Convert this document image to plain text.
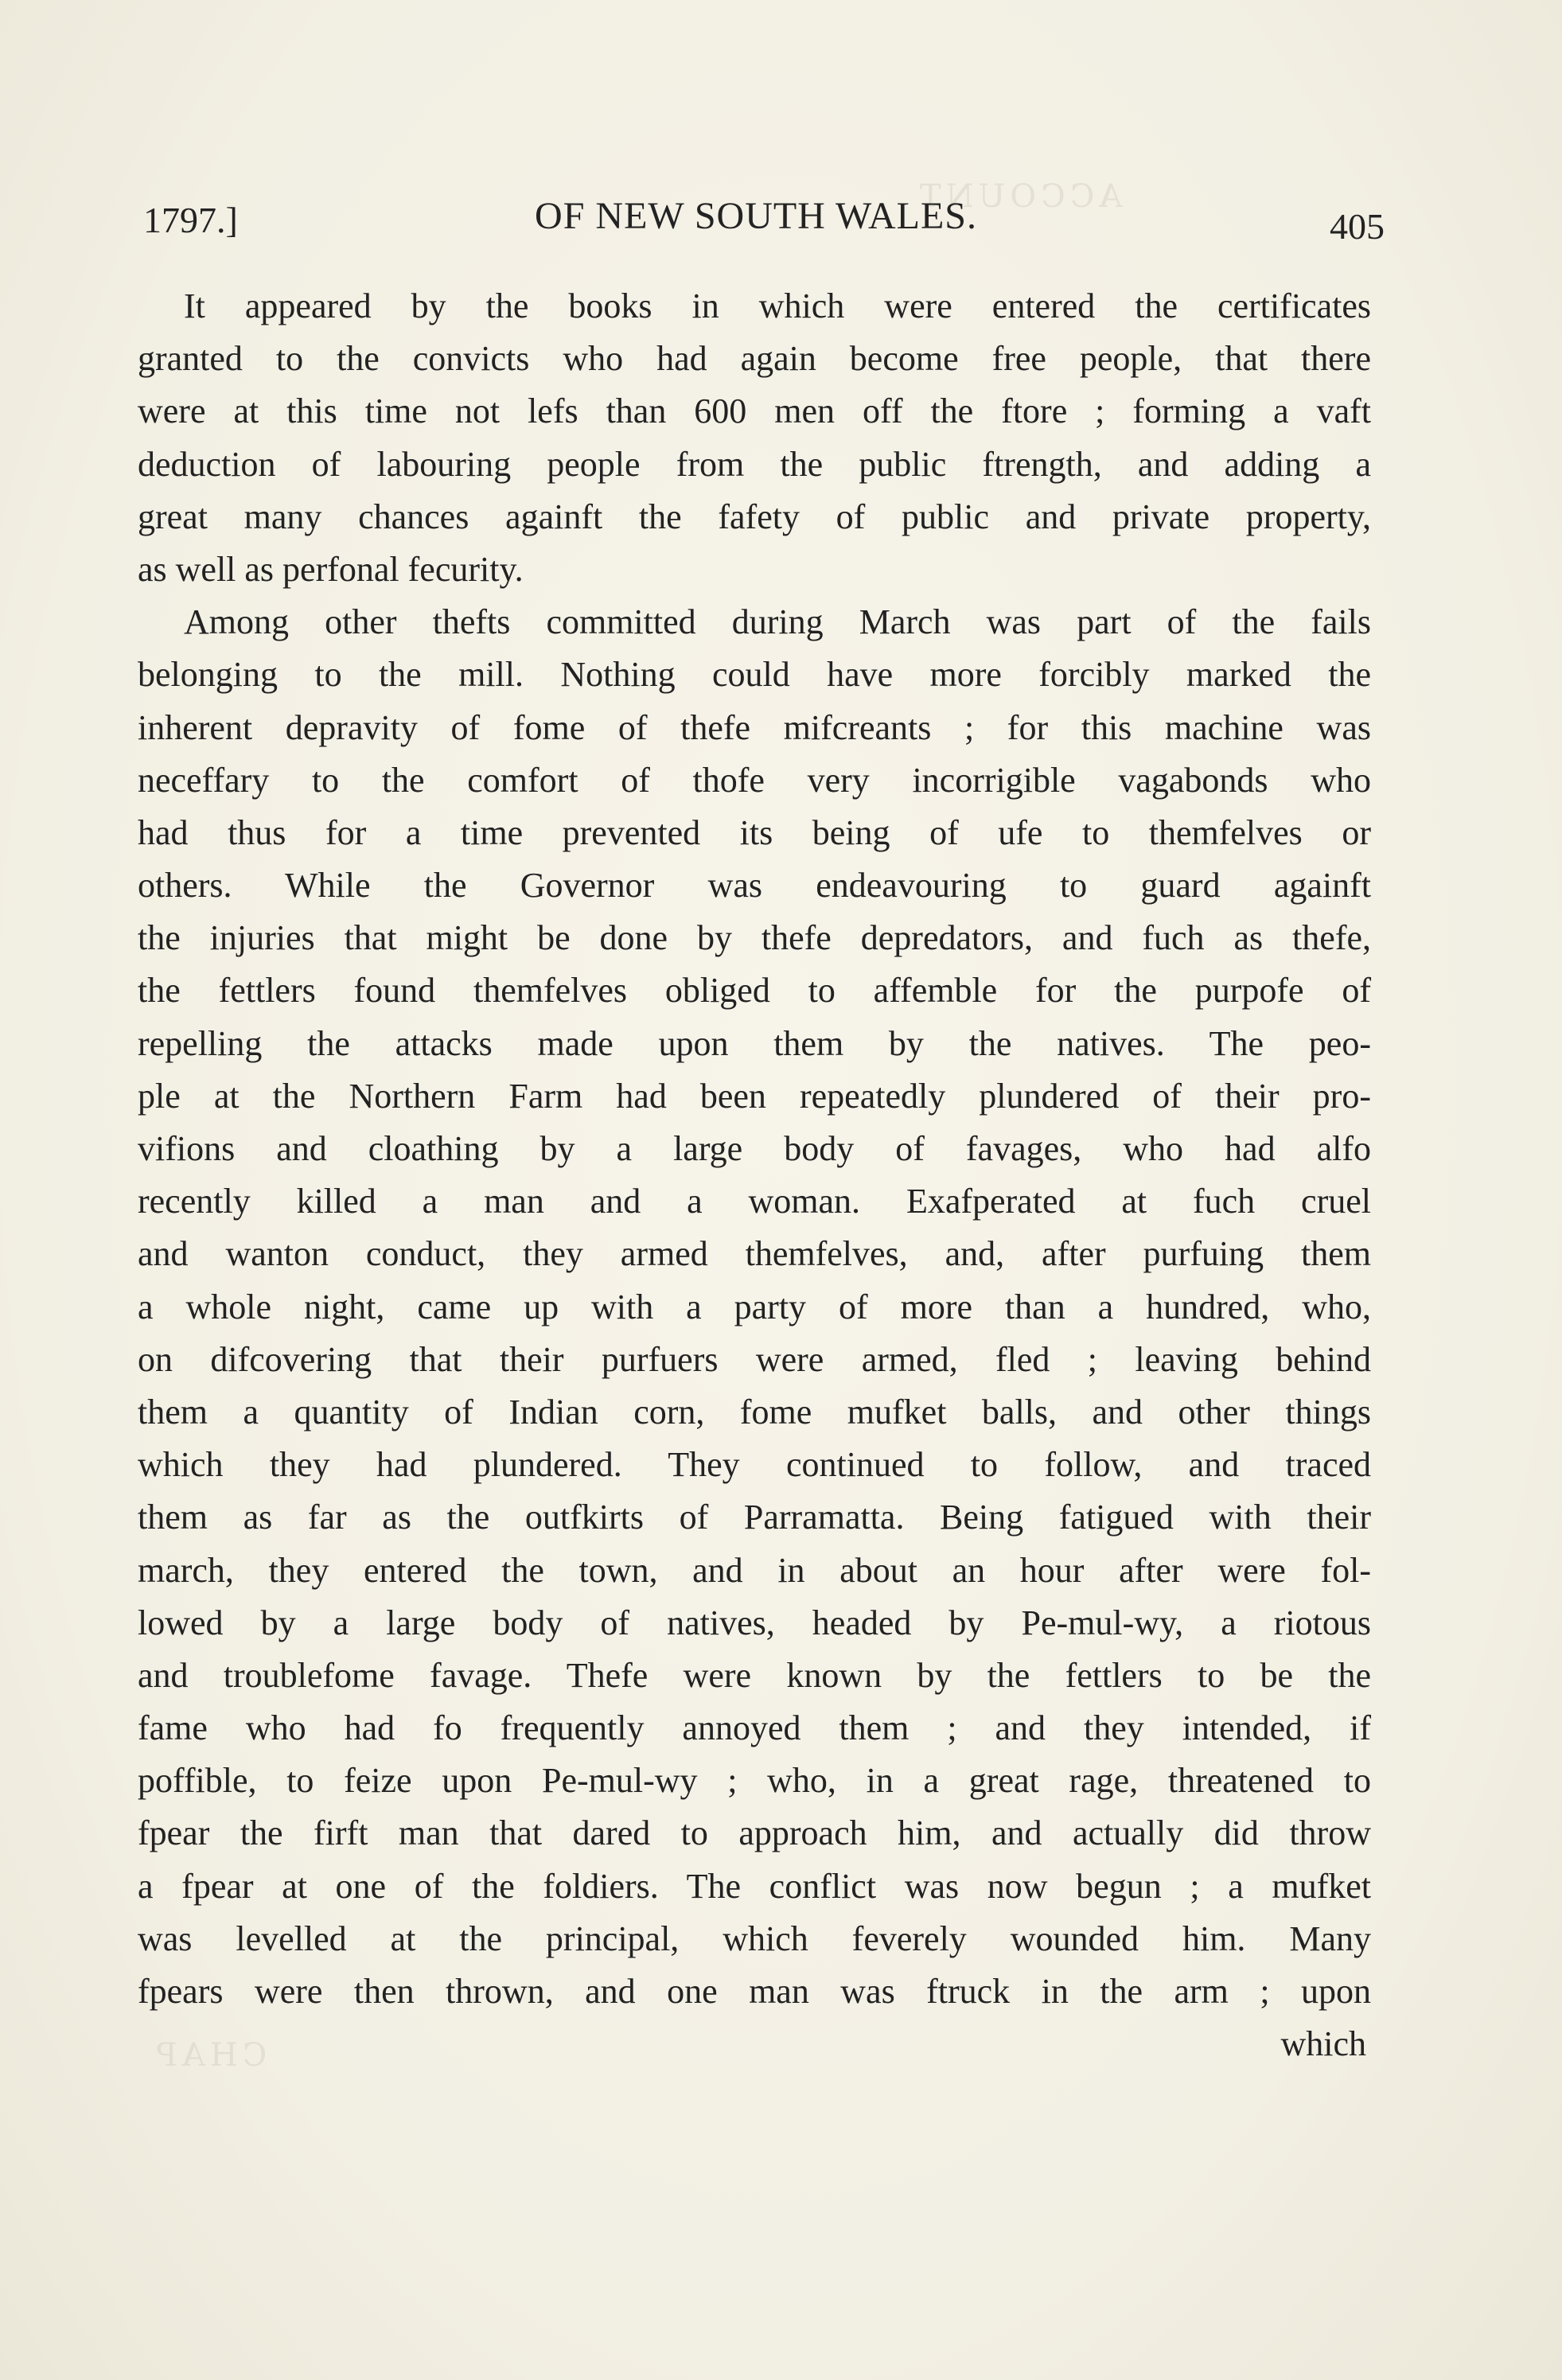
ACCOUNT
CHAP
1797.]	OF NEW SOUTH WALES.	405
It appeared by the books in which were entered the certificates
granted to the convicts who had again become free people, that there
were at this time not lefs than 600 men off the ftore ; forming a vaft
deduction of labouring people from the public ftrength, and adding a
great many chances againft the fafety of public and private property,
as well as perfonal fecurity.
Among other thefts committed during March was part of the fails
belonging to the mill. Nothing could have more forcibly marked the
inherent depravity of fome of thefe mifcreants ; for this machine was
neceffary to the comfort of thofe very incorrigible vagabonds who
had thus for a time prevented its being of ufe to themfelves or
others. While the Governor was endeavouring to guard againft
the injuries that might be done by thefe depredators, and fuch as thefe,
the fettlers found themfelves obliged to affemble for the purpofe of
repelling the attacks made upon them by the natives. The peo-
ple at the Northern Farm had been repeatedly plundered of their pro-
vifions and cloathing by a large body of favages, who had alfo
recently killed a man and a woman. Exafperated at fuch cruel
and wanton conduct, they armed themfelves, and, after purfuing them
a whole night, came up with a party of more than a hundred, who,
on difcovering that their purfuers were armed, fled ; leaving behind
them a quantity of Indian corn, fome mufket balls, and other things
which they had plundered. They continued to follow, and traced
them as far as the outfkirts of Parramatta. Being fatigued with their
march, they entered the town, and in about an hour after were fol-
lowed by a large body of natives, headed by Pe-mul-wy, a riotous
and troublefome favage. Thefe were known by the fettlers to be the
fame who had fo frequently annoyed them ; and they intended, if
poffible, to feize upon Pe-mul-wy ; who, in a great rage, threatened to
fpear the firft man that dared to approach him, and actually did throw
a fpear at one of the foldiers. The conflict was now begun ; a mufket
was levelled at the principal, which feverely wounded him. Many
fpears were then thrown, and one man was ftruck in the arm ; upon
which
